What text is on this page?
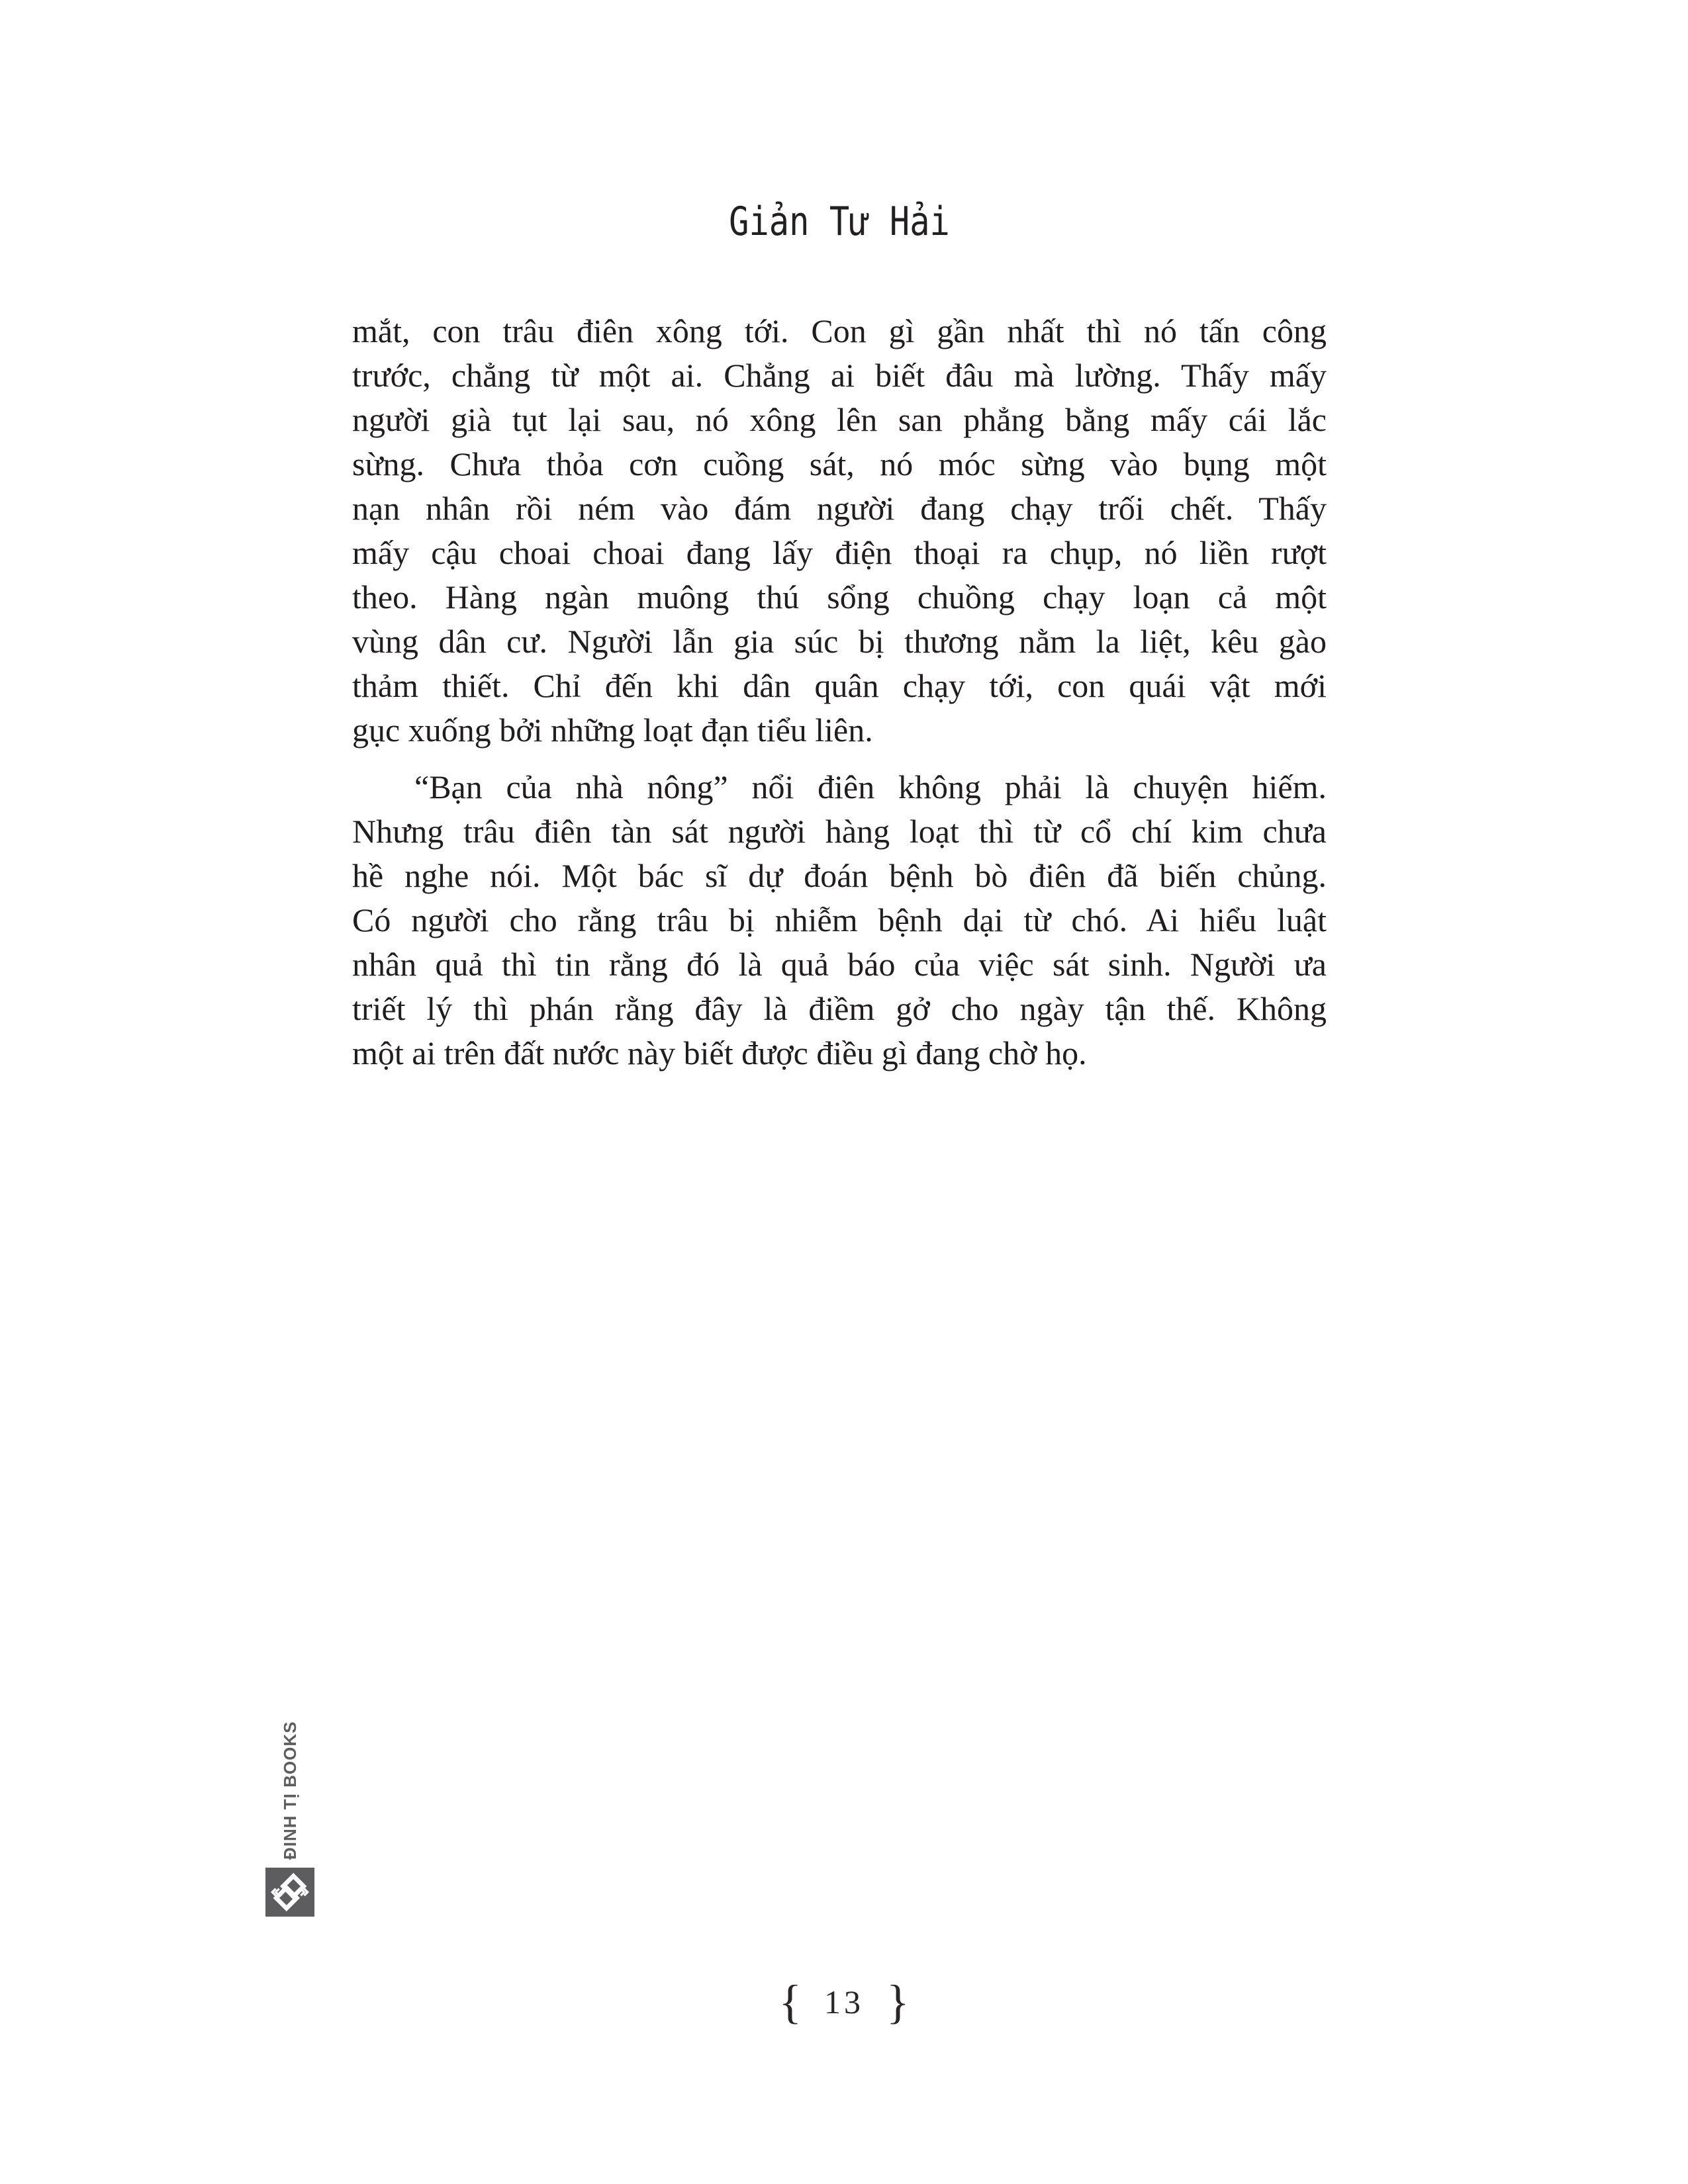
Giản Tư Hải
mắt, con trâu điên xông tới. Con gì gần nhất thì nó tấn công
trước, chẳng từ một ai. Chẳng ai biết đâu mà lường. Thấy mấy
người già tụt lại sau, nó xông lên san phẳng bằng mấy cái lắc
sừng. Chưa thỏa cơn cuồng sát, nó móc sừng vào bụng một
nạn nhân rồi ném vào đám người đang chạy trối chết. Thấy
mấy cậu choai choai đang lấy điện thoại ra chụp, nó liền rượt
theo. Hàng ngàn muông thú sổng chuồng chạy loạn cả một
vùng dân cư. Người lẫn gia súc bị thương nằm la liệt, kêu gào
thảm thiết. Chỉ đến khi dân quân chạy tới, con quái vật mới
gục xuống bởi những loạt đạn tiểu liên.
“Bạn của nhà nông” nổi điên không phải là chuyện hiếm.
Nhưng trâu điên tàn sát người hàng loạt thì từ cổ chí kim chưa
hề nghe nói. Một bác sĩ dự đoán bệnh bò điên đã biến chủng.
Có người cho rằng trâu bị nhiễm bệnh dại từ chó. Ai hiểu luật
nhân quả thì tin rằng đó là quả báo của việc sát sinh. Người ưa
triết lý thì phán rằng đây là điềm gở cho ngày tận thế. Không
một ai trên đất nước này biết được điều gì đang chờ họ.
ĐINH TỊ BOOKS
{ 13 }
